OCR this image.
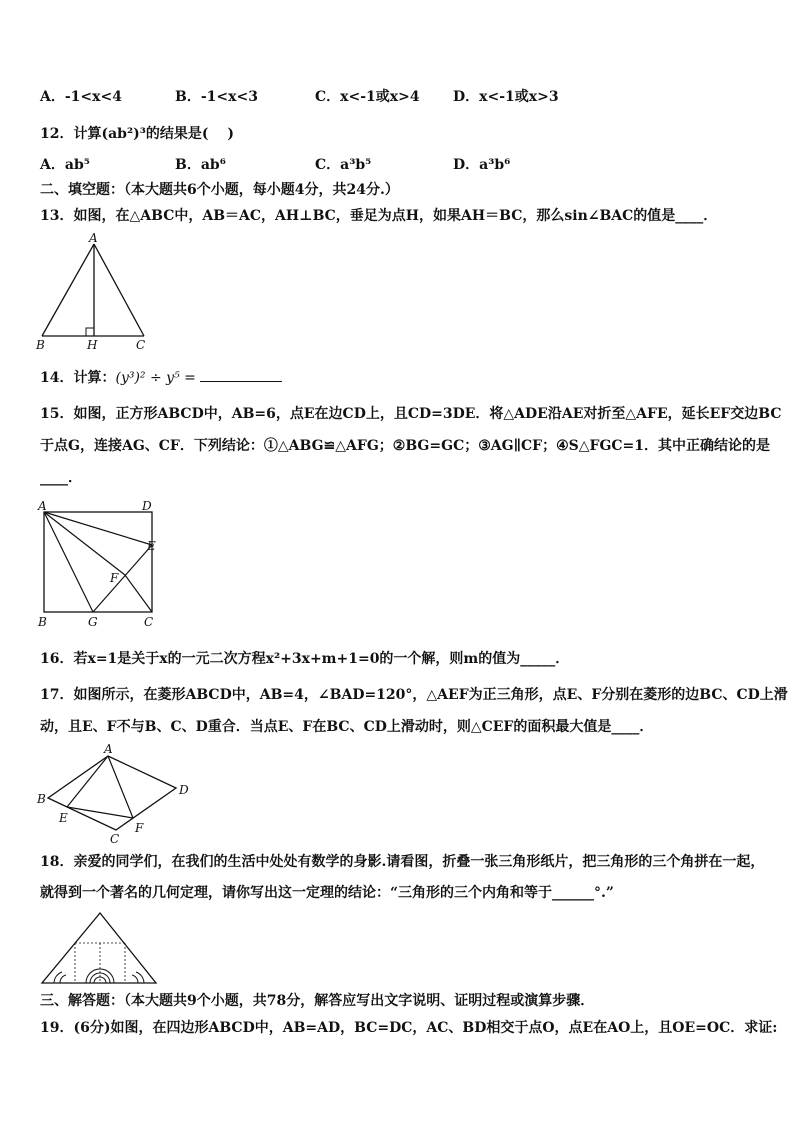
A．-1<x<4	B．-1<x<3	C．x<-1或x>4 D．x<-1或x>3
12．计算(ab²)³的结果是(　 )
A．ab⁵	B．ab⁶	C．a³b⁵	D．a³b⁶
二、填空题：（本大题共6个小题，每小题4分，共24分.）
13．如图，在△ABC中，AB＝AC，AH⊥BC，垂足为点H，如果AH＝BC，那么sin∠BAC的值是____．
A
B	H	C
14．计算：(y³)² ÷ y⁵ =
15．如图，正方形ABCD中，AB=6，点E在边CD上，且CD=3DE．将△ADE沿AE对折至△AFE，延长EF交边BC
于点G，连接AG、CF．下列结论：①△ABG≌△AFG；②BG=GC；③AG∥CF；④S△FGC=1．其中正确结论的是
____．
A	D
E
F
B	G	C
16．若x=1是关于x的一元二次方程x²+3x+m+1=0的一个解，则m的值为_____．
17．如图所示，在菱形ABCD中，AB=4，∠BAD=120°，△AEF为正三角形，点E、F分别在菱形的边BC、CD上滑
动，且E、F不与B、C、D重合．当点E、F在BC、CD上滑动时，则△CEF的面积最大值是____．
A
B
D
E
C
F
18．亲爱的同学们，在我们的生活中处处有数学的身影.请看图，折叠一张三角形纸片，把三角形的三个角拼在一起，
就得到一个著名的几何定理，请你写出这一定理的结论：“三角形的三个内角和等于______°.”
三、解答题：（本大题共9个小题，共78分，解答应写出文字说明、证明过程或演算步骤．
19．(6分)如图，在四边形ABCD中，AB=AD，BC=DC，AC、BD相交于点O，点E在AO上，且OE=OC．求证:
